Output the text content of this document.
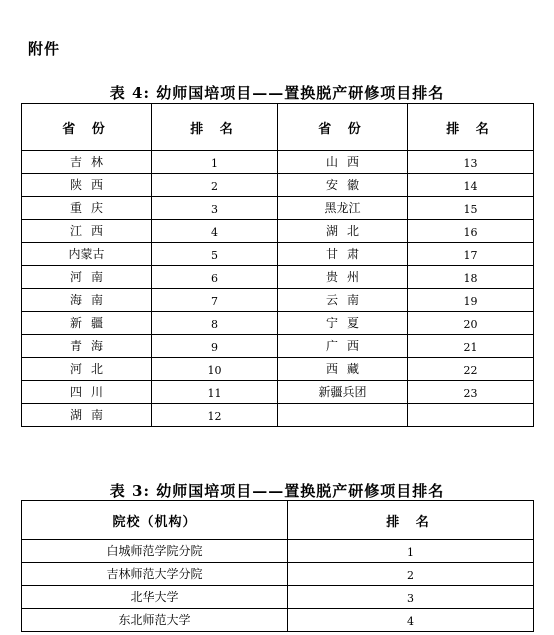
附件
表 4: 幼师国培项目——置换脱产研修项目排名
省 份	排 名	省 份	排 名
吉林	1	山西	13
陕西	2	安徽	14
重庆	3	黑龙江	15
江西	4	湖北	16
内蒙古	5	甘肃	17
河南	6	贵州	18
海南	7	云南	19
新疆	8	宁夏	20
青海	9	广西	21
河北	10	西藏	22
四川	11	新疆兵团	23
湖南	12		
表 3: 幼师国培项目——置换脱产研修项目排名
院校（机构）	排 名
白城师范学院分院	1
吉林师范大学分院	2
北华大学	3
东北师范大学	4
